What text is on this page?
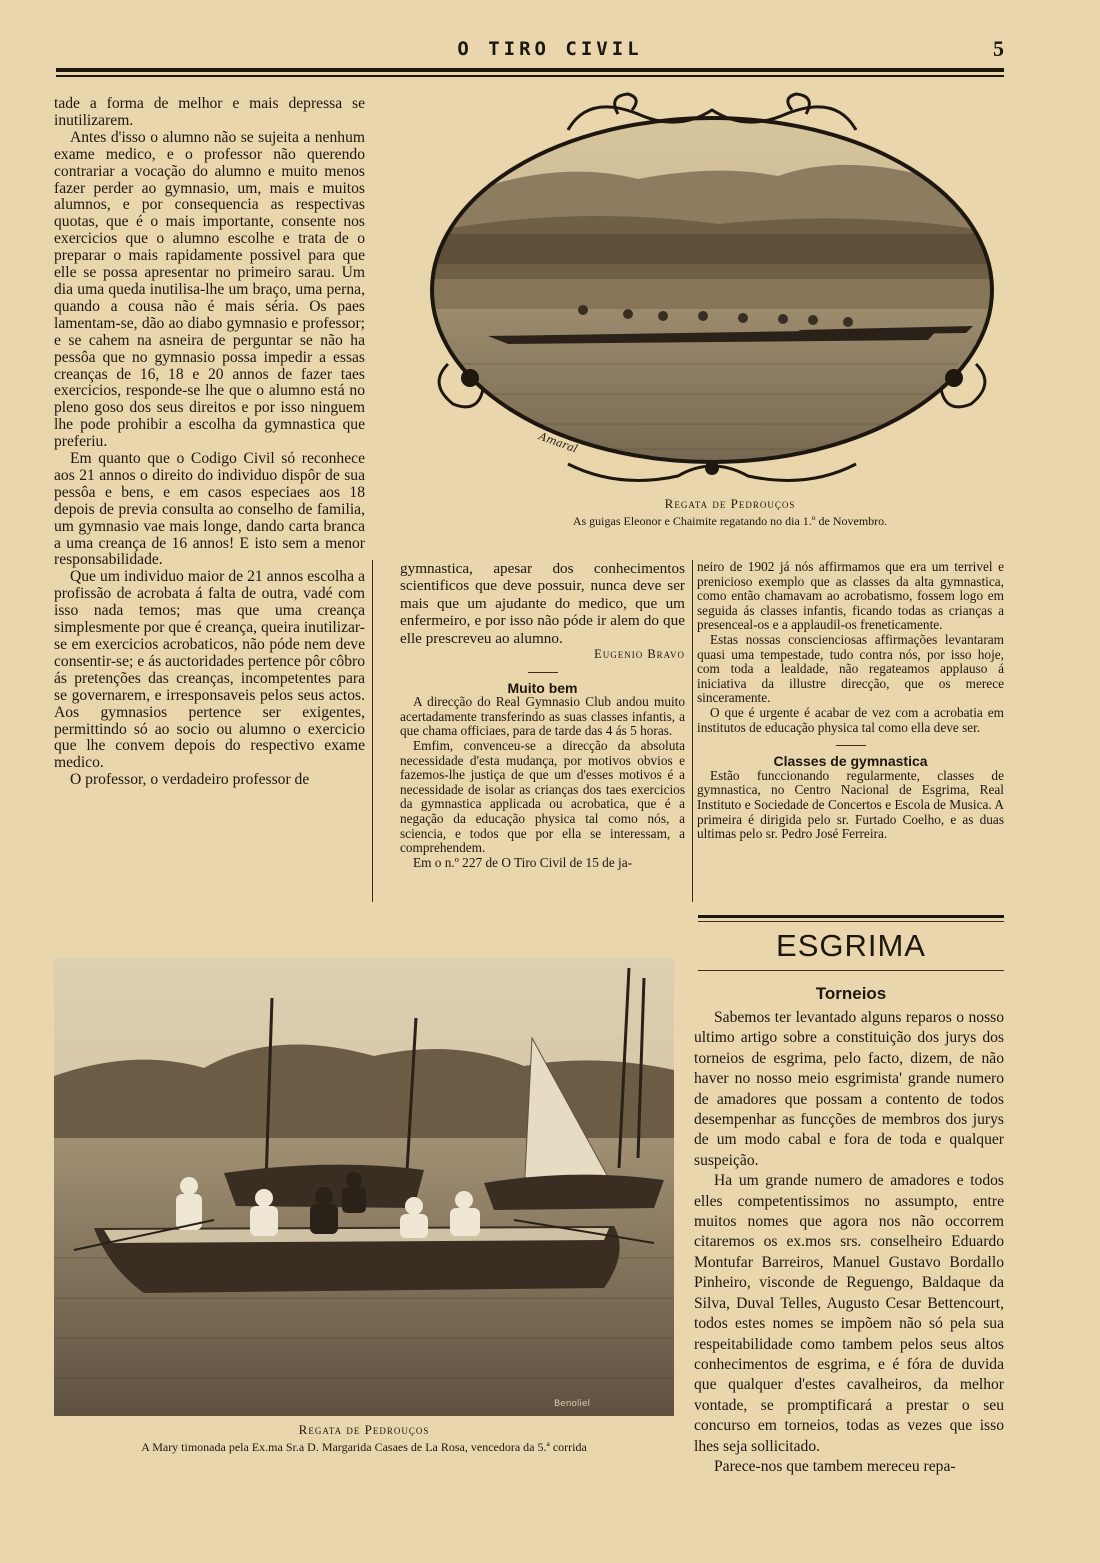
O TIRO CIVIL	5

tade a forma de melhor e mais depressa se inutilizarem.

Antes d'isso o alumno não se sujeita a nenhum exame medico, e o professor não querendo contrariar a vocação do alumno e muito menos fazer perder ao gymnasio, um, mais e muitos alumnos, e por consequencia as respectivas quotas, que é o mais importante, consente nos exercicios que o alumno escolhe e trata de o preparar o mais rapidamente possivel para que elle se possa apresentar no primeiro sarau. Um dia uma queda inutilisa-lhe um braço, uma perna, quando a cousa não é mais séria. Os paes lamentam-se, dão ao diabo gymnasio e professor; e se cahem na asneira de perguntar se não ha pessôa que no gymnasio possa impedir a essas creanças de 16, 18 e 20 annos de fazer taes exercicios, responde-se lhe que o alumno está no pleno goso dos seus direitos e por isso ninguem lhe pode prohibir a escolha da gymnastica que preferiu.

Em quanto que o Codigo Civil só reconhece aos 21 annos o direito do individuo dispôr de sua pessôa e bens, e em casos especiaes aos 18 depois de previa consulta ao conselho de familia, um gymnasio vae mais longe, dando carta branca a uma creança de 16 annos! E isto sem a menor responsabilidade.

Que um individuo maior de 21 annos escolha a profissão de acrobata á falta de outra, vadé com isso nada temos; mas que uma creança simplesmente por que é creança, queira inutilizar-se em exercicios acrobaticos, não póde nem deve consentir-se; e ás auctoridades pertence pôr côbro ás pretenções das creanças, incompetentes para se governarem, e irresponsaveis pelos seus actos. Aos gymnasios pertence ser exigentes, permittindo só ao socio ou alumno o exercicio que lhe convem depois do respectivo exame medico.

O professor, o verdadeiro professor de

Amaral
Regata de Pedrouços
As guigas Eleonor e Chaimite regatando no dia 1.º de Novembro.

gymnastica, apesar dos conhecimentos scientificos que deve possuir, nunca deve ser mais que um ajudante do medico, que um enfermeiro, e por isso não póde ir alem do que elle prescreveu ao alumno.

Eugenio Bravo

Muito bem

A direcção do Real Gymnasio Club andou muito acertadamente transferindo as suas classes infantis, a que chama officiaes, para de tarde das 4 ás 5 horas.

Emfim, convenceu-se a direcção da absoluta necessidade d'esta mudança, por motivos obvios e fazemos-lhe justiça de que um d'esses motivos é a necessidade de isolar as crianças dos taes exercicios da gymnastica applicada ou acrobatica, que é a negação da educação physica tal como nós, a sciencia, e todos que por ella se interessam, a comprehendem.

Em o n.º 227 de O Tiro Civil de 15 de ja-

neiro de 1902 já nós affirmamos que era um terrivel e prenicioso exemplo que as classes da alta gymnastica, como então chamavam ao acrobatismo, fossem logo em seguida ás classes infantis, ficando todas as crianças a presenceal-os e a applaudil-os freneticamente.

Estas nossas conscienciosas affirmações levantaram quasi uma tempestade, tudo contra nós, por isso hoje, com toda a lealdade, não regateamos applauso á iniciativa da illustre direcção, que os merece sinceramente.

O que é urgente é acabar de vez com a acrobatia em institutos de educação physica tal como ella deve ser.

Classes de gymnastica

Estão funccionando regularmente, classes de gymnastica, no Centro Nacional de Esgrima, Real Instituto e Sociedade de Concertos e Escola de Musica. A primeira é dirigida pelo sr. Furtado Coelho, e as duas ultimas pelo sr. Pedro José Ferreira.

ESGRIMA
Torneios

Sabemos ter levantado alguns reparos o nosso ultimo artigo sobre a constituição dos jurys dos torneios de esgrima, pelo facto, dizem, de não haver no nosso meio esgrimista' grande numero de amadores que possam a contento de todos desempenhar as funcções de membros dos jurys de um modo cabal e fora de toda e qualquer suspeição.

Ha um grande numero de amadores e todos elles competentissimos no assumpto, entre muitos nomes que agora nos não occorrem citaremos os ex.mos srs. conselheiro Eduardo Montufar Barreiros, Manuel Gustavo Bordallo Pinheiro, visconde de Reguengo, Baldaque da Silva, Duval Telles, Augusto Cesar Bettencourt, todos estes nomes se impõem não só pela sua respeitabilidade como tambem pelos seus altos conhecimentos de esgrima, e é fóra de duvida que qualquer d'estes cavalheiros, da melhor vontade, se promptificará a prestar o seu concurso em torneios, todas as vezes que isso lhes seja sollicitado.

Parece-nos que tambem mereceu repa-

Benoliel
Regata de Pedrouços
A Mary timonada pela Ex.ma Sr.a D. Margarida Casaes de La Rosa, vencedora da 5.ª corrida
